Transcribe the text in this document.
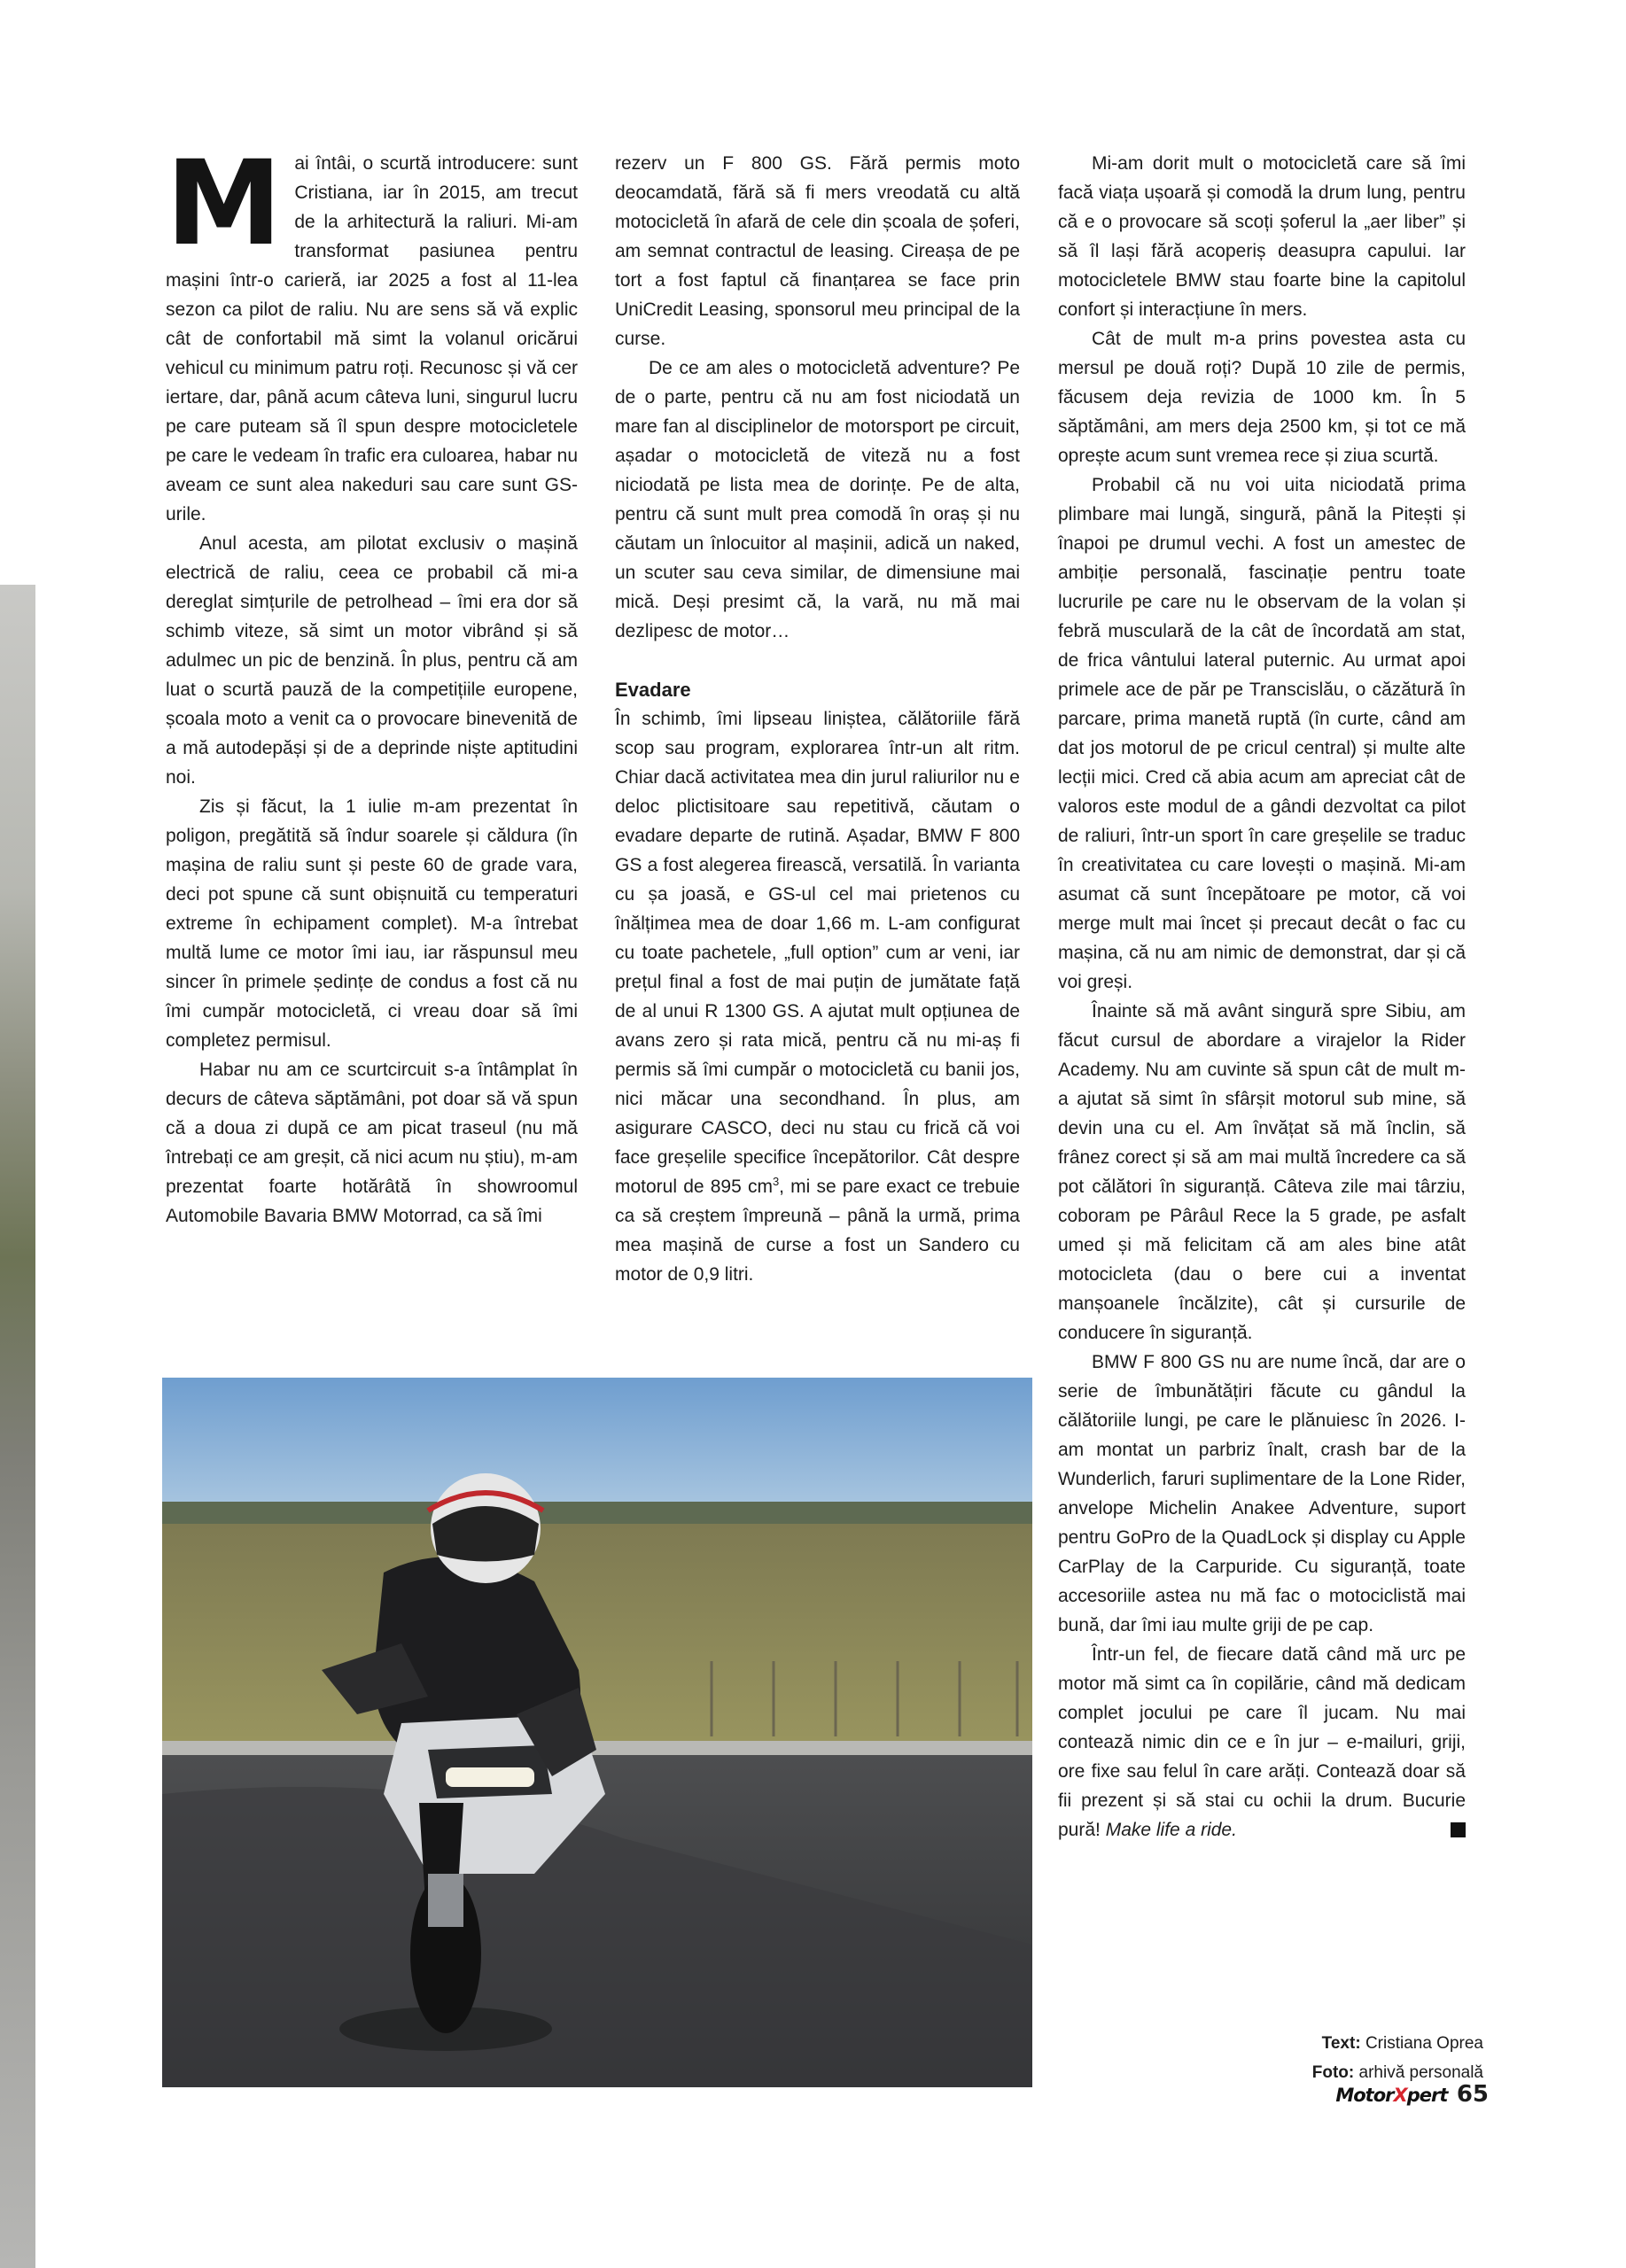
Mai întâi, o scurtă introducere: sunt Cristiana, iar în 2015, am trecut de la arhitectură la raliuri. Mi-am transformat pasiunea pentru mașini într-o carieră, iar 2025 a fost al 11-lea sezon ca pilot de raliu. Nu are sens să vă explic cât de confortabil mă simt la volanul oricărui vehicul cu minimum patru roți. Recunosc și vă cer iertare, dar, până acum câteva luni, singurul lucru pe care puteam să îl spun despre motocicletele pe care le vedeam în trafic era culoarea, habar nu aveam ce sunt alea nakeduri sau care sunt GS-urile.

Anul acesta, am pilotat exclusiv o mașină electrică de raliu, ceea ce probabil că mi-a dereglat simțurile de petrolhead – îmi era dor să schimb viteze, să simt un motor vibrând și să adulmec un pic de benzină. În plus, pentru că am luat o scurtă pauză de la competițiile europene, școala moto a venit ca o provocare binevenită de a mă autodepăși și de a deprinde niște aptitudini noi.

Zis și făcut, la 1 iulie m-am prezentat în poligon, pregătită să îndur soarele și căldura (în mașina de raliu sunt și peste 60 de grade vara, deci pot spune că sunt obișnuită cu temperaturi extreme în echipament complet). M-a întrebat multă lume ce motor îmi iau, iar răspunsul meu sincer în primele ședințe de condus a fost că nu îmi cumpăr motocicletă, ci vreau doar să îmi completez permisul.

Habar nu am ce scurtcircuit s-a întâmplat în decurs de câteva săptămâni, pot doar să vă spun că a doua zi după ce am picat traseul (nu mă întrebați ce am greșit, că nici acum nu știu), m-am prezentat foarte hotărâtă în showroomul Automobile Bavaria BMW Motorrad, ca să îmi

rezerv un F 800 GS. Fără permis moto deocamdată, fără să fi mers vreodată cu altă motocicletă în afară de cele din școala de șoferi, am semnat contractul de leasing. Cireașa de pe tort a fost faptul că finanțarea se face prin UniCredit Leasing, sponsorul meu principal de la curse.

De ce am ales o motocicletă adventure? Pe de o parte, pentru că nu am fost niciodată un mare fan al disciplinelor de motorsport pe circuit, așadar o motocicletă de viteză nu a fost niciodată pe lista mea de dorințe. Pe de alta, pentru că sunt mult prea comodă în oraș și nu căutam un înlocuitor al mașinii, adică un naked, un scuter sau ceva similar, de dimensiune mai mică. Deși presimt că, la vară, nu mă mai dezlipesc de motor…

Evadare

În schimb, îmi lipseau liniștea, călătoriile fără scop sau program, explorarea într-un alt ritm. Chiar dacă activitatea mea din jurul raliurilor nu e deloc plictisitoare sau repetitivă, căutam o evadare departe de rutină. Așadar, BMW F 800 GS a fost alegerea firească, versatilă. În varianta cu șa joasă, e GS-ul cel mai prietenos cu înălțimea mea de doar 1,66 m. L-am configurat cu toate pachetele, „full option” cum ar veni, iar prețul final a fost de mai puțin de jumătate față de al unui R 1300 GS. A ajutat mult opțiunea de avans zero și rata mică, pentru că nu mi-aș fi permis să îmi cumpăr o motocicletă cu banii jos, nici măcar una secondhand. În plus, am asigurare CASCO, deci nu stau cu frică că voi face greșelile specifice începătorilor. Cât despre motorul de 895 $cm^3$, mi se pare exact ce trebuie ca să creștem împreună – până la urmă, prima mea mașină de curse a fost un Sandero cu motor de 0,9 litri.

Mi-am dorit mult o motocicletă care să îmi facă viața ușoară și comodă la drum lung, pentru că e o provocare să scoți șoferul la „aer liber” și să îl lași fără acoperiș deasupra capului. Iar motocicletele BMW stau foarte bine la capitolul confort și interacțiune în mers.

Cât de mult m-a prins povestea asta cu mersul pe două roți? După 10 zile de permis, făcusem deja revizia de 1000 km. În 5 săptămâni, am mers deja 2500 km, și tot ce mă oprește acum sunt vremea rece și ziua scurtă.

Probabil că nu voi uita niciodată prima plimbare mai lungă, singură, până la Pitești și înapoi pe drumul vechi. A fost un amestec de ambiție personală, fascinație pentru toate lucrurile pe care nu le observam de la volan și febră musculară de la cât de încordată am stat, de frica vântului lateral puternic. Au urmat apoi primele ace de păr pe Transcislău, o căzătură în parcare, prima manetă ruptă (în curte, când am dat jos motorul de pe cricul central) și multe alte lecții mici. Cred că abia acum am apreciat cât de valoros este modul de a gândi dezvoltat ca pilot de raliuri, într-un sport în care greșelile se traduc în creativitatea cu care lovești o mașină. Mi-am asumat că sunt începătoare pe motor, că voi merge mult mai încet și precaut decât o fac cu mașina, că nu am nimic de demonstrat, dar și că voi greși.

Înainte să mă avânt singură spre Sibiu, am făcut cursul de abordare a virajelor la Rider Academy. Nu am cuvinte să spun cât de mult m-a ajutat să simt în sfârșit motorul sub mine, să devin una cu el. Am învățat să mă înclin, să frânez corect și să am mai multă încredere ca să pot călători în siguranță. Câteva zile mai târziu, coboram pe Pârâul Rece la 5 grade, pe asfalt umed și mă felicitam că am ales bine atât motocicleta (dau o bere cui a inventat manșoanele încălzite), cât și cursurile de conducere în siguranță.

BMW F 800 GS nu are nume încă, dar are o serie de îmbunătățiri făcute cu gândul la călătoriile lungi, pe care le plănuiesc în 2026. I-am montat un parbriz înalt, crash bar de la Wunderlich, faruri suplimentare de la Lone Rider, anvelope Michelin Anakee Adventure, suport pentru GoPro de la QuadLock și display cu Apple CarPlay de la Carpuride. Cu siguranță, toate accesoriile astea nu mă fac o motociclistă mai bună, dar îmi iau multe griji de pe cap.

Într-un fel, de fiecare dată când mă urc pe motor mă simt ca în copilărie, când mă dedicam complet jocului pe care îl jucam. Nu mai contează nimic din ce e în jur – e-mailuri, griji, ore fixe sau felul în care arăți. Contează doar să fii prezent și să stai cu ochii la drum. Bucurie pură! Make life a ride.

Text: Cristiana Oprea
Foto: arhivă personală
MotorXpert 65
